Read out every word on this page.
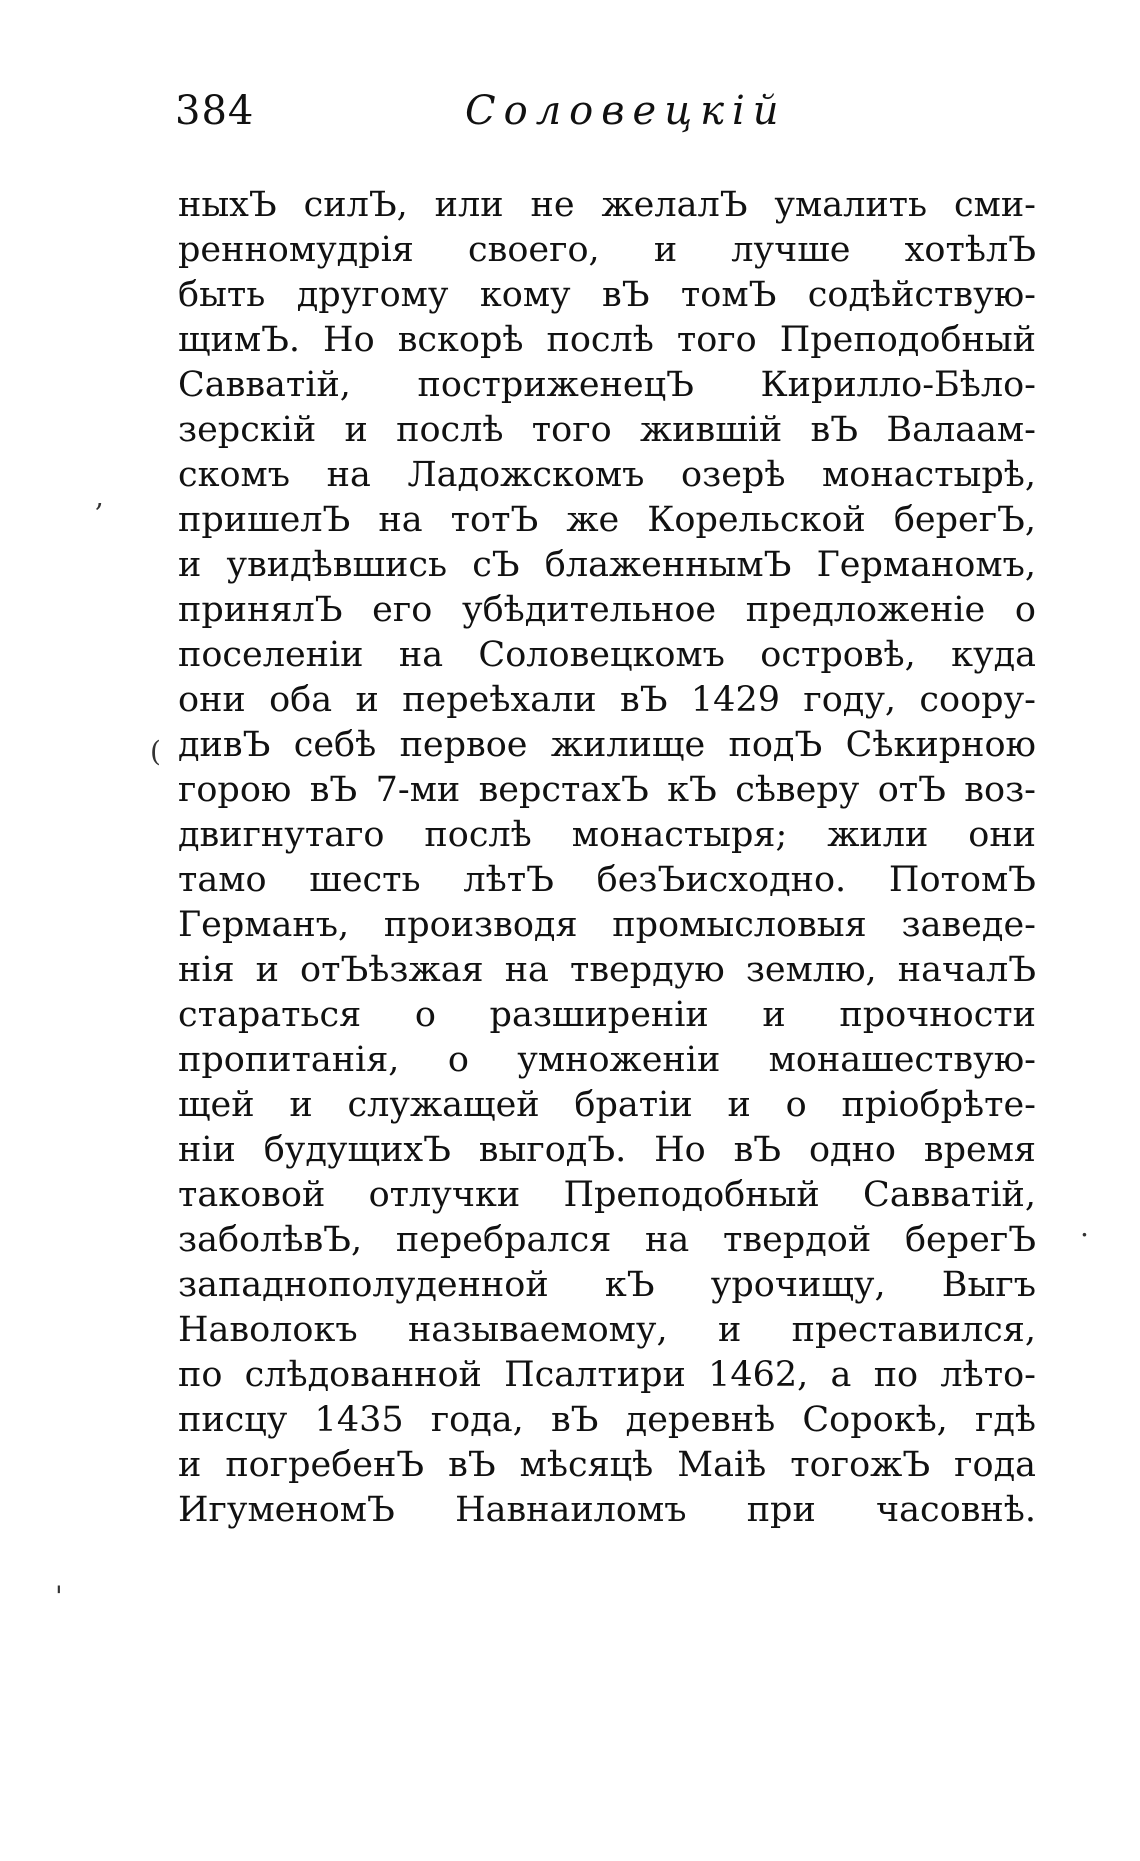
384	Соловецкій
ныхЪ силЪ, или не желалЪ умалить сми-
ренномудрія своего, и лучше хотѣлЪ
быть другому кому вЪ томЪ содѣйствую-
щимЪ. Но вскорѣ послѣ того Преподобный
Савватій, постриженецЪ Кирилло-Бѣло-
зерскій и послѣ того жившій вЪ Валаам-
скомъ на Ладожскомъ озерѣ монастырѣ,
пришелЪ на тотЪ же Корельской берегЪ,
и увидѣвшись сЪ блаженнымЪ Германомъ,
принялЪ его убѣдительное предложеніе о
поселеніи на Соловецкомъ островѣ, куда
они оба и переѣхали вЪ 1429 году, соору-
дивЪ себѣ первое жилище подЪ Сѣкирною
горою вЪ 7-ми верстахЪ кЪ сѣверу отЪ воз-
двигнутаго послѣ монастыря; жили они
тамо шесть лѣтЪ безЪисходно. ПотомЪ
Германъ, производя промысловыя заведе-
нія и отЪѣзжая на твердую землю, началЪ
стараться о разширеніи и прочности
пропитанія, о умноженіи монашествую-
щей и служащей братіи и о пріобрѣте-
ніи будущихЪ выгодЪ. Но вЪ одно время
таковой отлучки Преподобный Савватій,
заболѣвЪ, перебрался на твердой берегЪ
западнополуденной кЪ урочищу, Выгъ
Наволокъ называемому, и преставился,
по слѣдованной Псалтири 1462, а по лѣто-
писцу 1435 года, вЪ деревнѣ Сорокѣ, гдѣ
и погребенЪ вЪ мѣсяцѣ Маіѣ тогожЪ года
ИгуменомЪ Навнаиломъ при часовнѣ.
,
(
.
'
